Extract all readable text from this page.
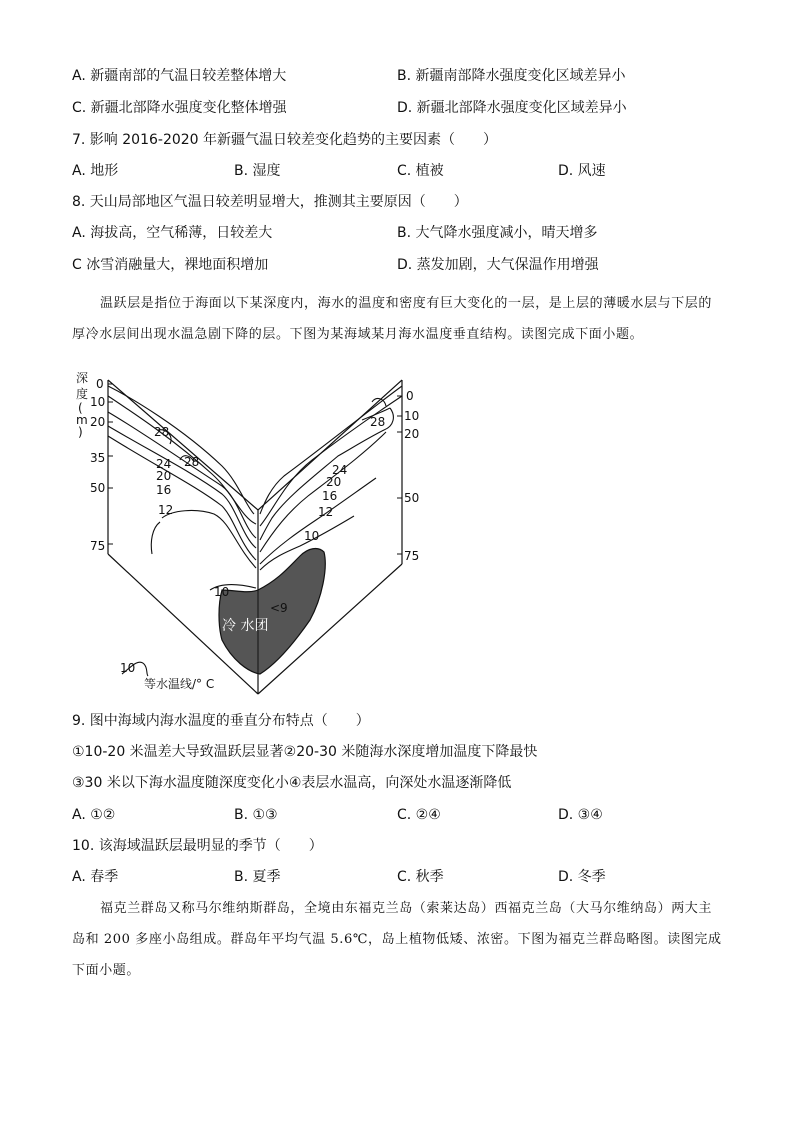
A. 新疆南部的气温日较差整体增大	B. 新疆南部降水强度变化区域差异小
C. 新疆北部降水强度变化整体增强	D. 新疆北部降水强度变化区域差异小
7. 影响 2016-2020 年新疆气温日较差变化趋势的主要因素（　　）
A. 地形	B. 湿度	C. 植被	D. 风速
8. 天山局部地区气温日较差明显增大，推测其主要原因（　　）
A. 海拔高，空气稀薄，日较差大	B. 大气降水强度减小，晴天增多
C 冰雪消融量大，裸地面积增加	D. 蒸发加剧，大气保温作用增强

温跃层是指位于海面以下某深度内，海水的温度和密度有巨大变化的一层，是上层的薄暖水层与下层的厚冷水层间出现水温急剧下降的层。下图为某海域某月海水温度垂直结构。读图完成下面小题。

深
度
(
m
)
0
10
20
35
50
75
0
10
20
50
75
28
28
24
20
16
12
10
28
24
20
16
12
10
冷 水团
<9
10
等水温线/° C
9. 图中海域内海水温度的垂直分布特点（　　）
①10-20 米温差大导致温跃层显著②20-30 米随海水深度增加温度下降最快
③30 米以下海水温度随深度变化小④表层水温高，向深处水温逐渐降低
A. ①②	B. ①③	C. ②④	D. ③④
10. 该海域温跃层最明显的季节（　　）
A. 春季	B. 夏季	C. 秋季	D. 冬季

福克兰群岛又称马尔维纳斯群岛，全境由东福克兰岛（索莱达岛）西福克兰岛（大马尔维纳岛）两大主岛和 200 多座小岛组成。群岛年平均气温 5.6℃，岛上植物低矮、浓密。下图为福克兰群岛略图。读图完成下面小题。
